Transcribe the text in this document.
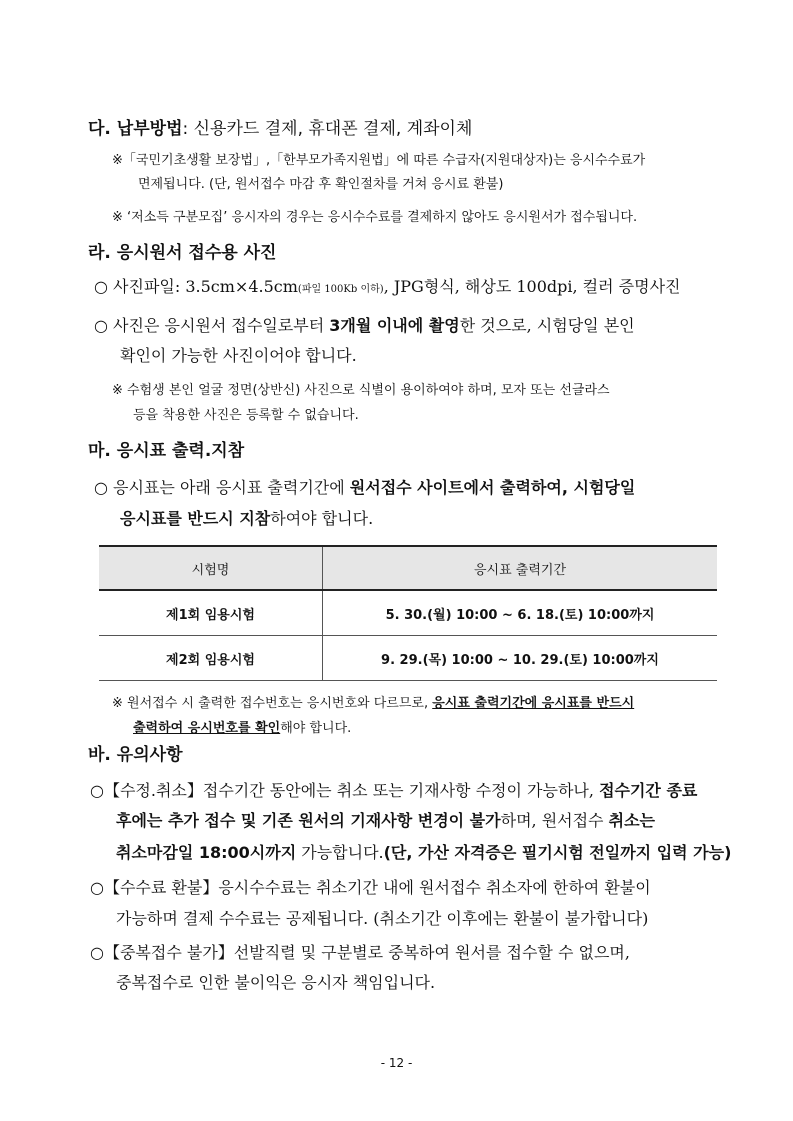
다. 납부방법: 신용카드 결제, 휴대폰 결제, 계좌이체
※「국민기초생활 보장법」,「한부모가족지원법」에 따른 수급자(지원대상자)는 응시수수료가
면제됩니다. (단, 원서접수 마감 후 확인절차를 거쳐 응시료 환불)
※ ‘저소득 구분모집’ 응시자의 경우는 응시수수료를 결제하지 않아도 응시원서가 접수됩니다.
라. 응시원서 접수용 사진
○ 사진파일: 3.5cm×4.5cm(파일 100Kb 이하), JPG형식, 해상도 100dpi, 컬러 증명사진
○ 사진은 응시원서 접수일로부터 3개월 이내에 촬영한 것으로, 시험당일 본인
확인이 가능한 사진이어야 합니다.
※ 수험생 본인 얼굴 정면(상반신) 사진으로 식별이 용이하여야 하며, 모자 또는 선글라스
등을 착용한 사진은 등록할 수 없습니다.
마. 응시표 출력.지참
○ 응시표는 아래 응시표 출력기간에 원서접수 사이트에서 출력하여, 시험당일
응시표를 반드시 지참하여야 합니다.
시험명	응시표 출력기간
제1회 임용시험	5. 30.(월) 10:00 ~ 6. 18.(토) 10:00까지
제2회 임용시험	9. 29.(목) 10:00 ~ 10. 29.(토) 10:00까지
※ 원서접수 시 출력한 접수번호는 응시번호와 다르므로, 응시표 출력기간에 응시표를 반드시
출력하여 응시번호를 확인해야 합니다.
바. 유의사항
○【수정.취소】접수기간 동안에는 취소 또는 기재사항 수정이 가능하나, 접수기간 종료
후에는 추가 접수 및 기존 원서의 기재사항 변경이 불가하며, 원서접수 취소는
취소마감일 18:00시까지 가능합니다.(단, 가산 자격증은 필기시험 전일까지 입력 가능)
○【수수료 환불】응시수수료는 취소기간 내에 원서접수 취소자에 한하여 환불이
가능하며 결제 수수료는 공제됩니다. (취소기간 이후에는 환불이 불가합니다)
○【중복접수 불가】선발직렬 및 구분별로 중복하여 원서를 접수할 수 없으며,
중복접수로 인한 불이익은 응시자 책임입니다.
- 12 -
